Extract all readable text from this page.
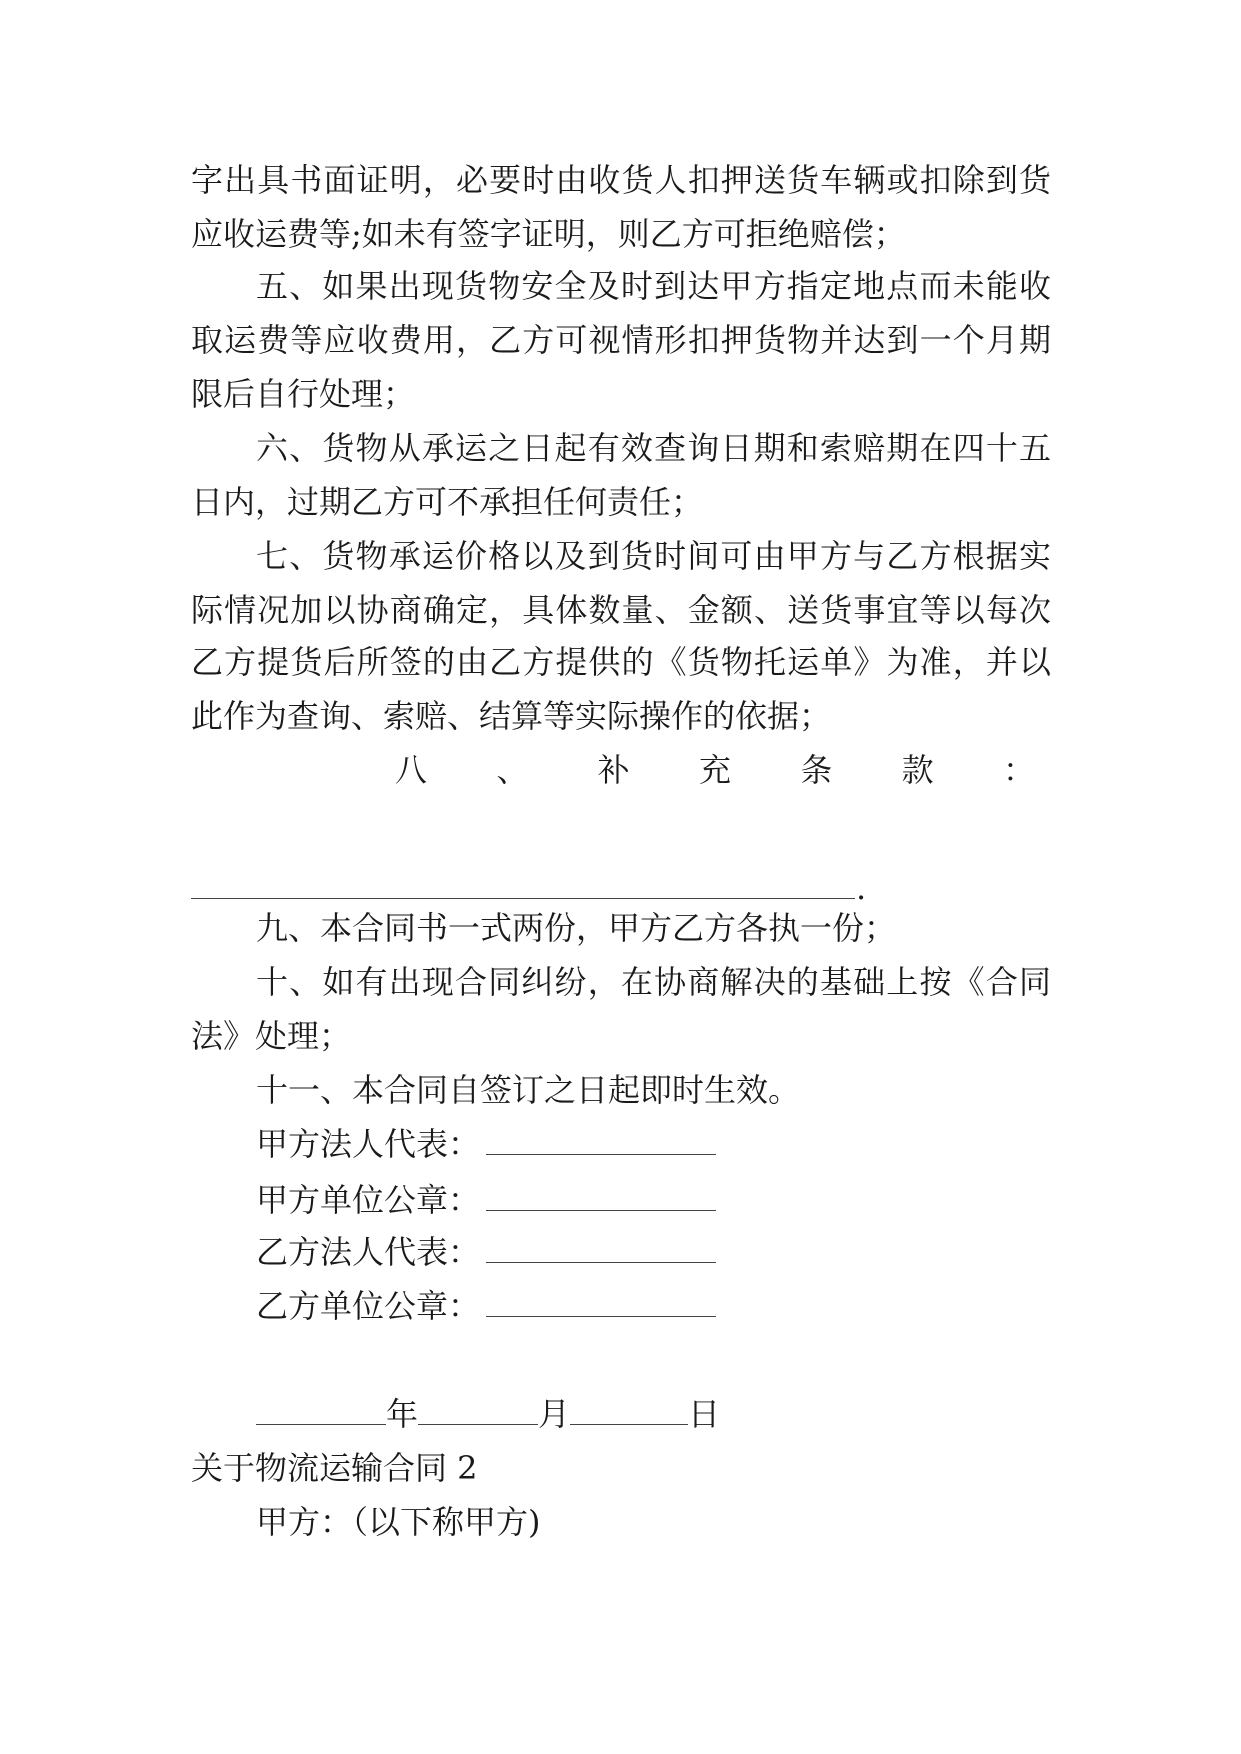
字出具书面证明，必要时由收货人扣押送货车辆或扣除到货
应收运费等;如未有签字证明，则乙方可拒绝赔偿；
五、如果出现货物安全及时到达甲方指定地点而未能收
取运费等应收费用，乙方可视情形扣押货物并达到一个月期
限后自行处理；
六、货物从承运之日起有效查询日期和索赔期在四十五
日内，过期乙方可不承担任何责任；
七、货物承运价格以及到货时间可由甲方与乙方根据实
际情况加以协商确定，具体数量、金额、送货事宜等以每次
乙方提货后所签的由乙方提供的《货物托运单》为准，并以
此作为查询、索赔、结算等实际操作的依据；
八 、 补 充 条 款 ：
.
九、本合同书一式两份，甲方乙方各执一份；
十、如有出现合同纠纷，在协商解决的基础上按《合同
法》处理；
十一、本合同自签订之日起即时生效。
甲方法人代表：
甲方单位公章：
乙方法人代表：
乙方单位公章：
年	月	日
关于物流运输合同 2
甲方：（以下称甲方)
